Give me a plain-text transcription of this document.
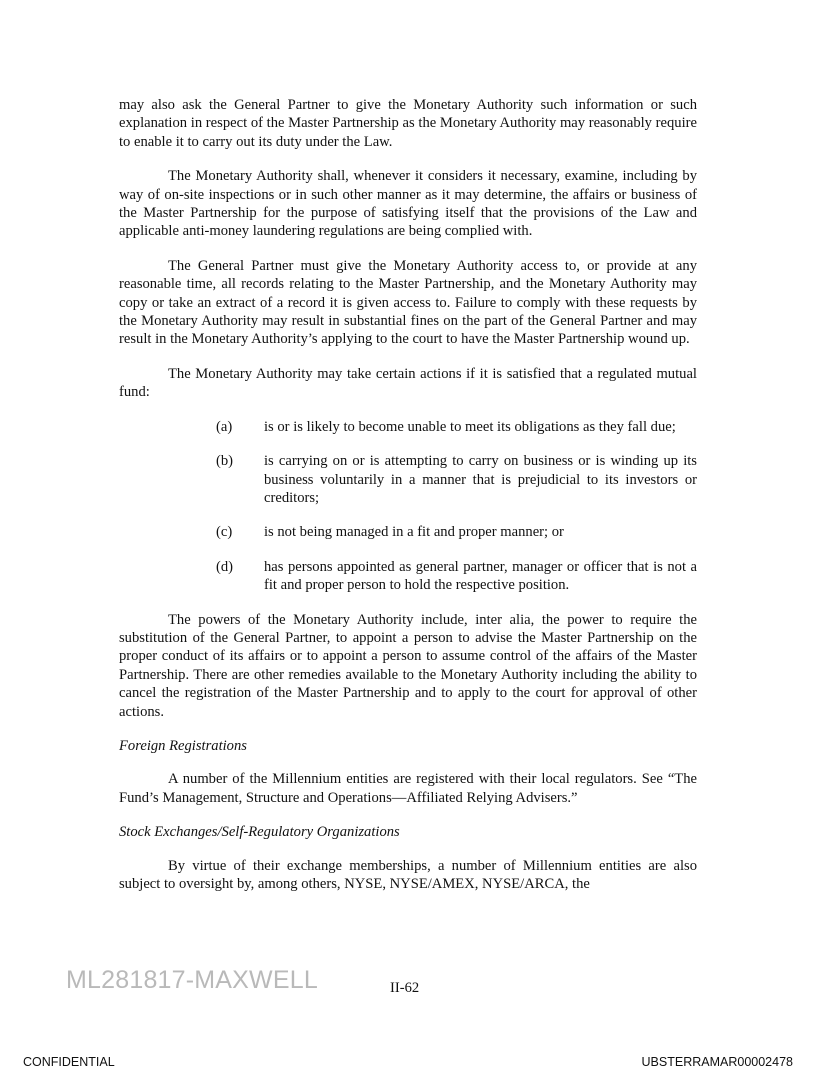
may also ask the General Partner to give the Monetary Authority such information or such explanation in respect of the Master Partnership as the Monetary Authority may reasonably require to enable it to carry out its duty under the Law.

The Monetary Authority shall, whenever it considers it necessary, examine, including by way of on-site inspections or in such other manner as it may determine, the affairs or business of the Master Partnership for the purpose of satisfying itself that the provisions of the Law and applicable anti-money laundering regulations are being complied with.

The General Partner must give the Monetary Authority access to, or provide at any reasonable time, all records relating to the Master Partnership, and the Monetary Authority may copy or take an extract of a record it is given access to. Failure to comply with these requests by the Monetary Authority may result in substantial fines on the part of the General Partner and may result in the Monetary Authority’s applying to the court to have the Master Partnership wound up.

The Monetary Authority may take certain actions if it is satisfied that a regulated mutual fund:

(a)	is or is likely to become unable to meet its obligations as they fall due;
(b)	is carrying on or is attempting to carry on business or is winding up its business voluntarily in a manner that is prejudicial to its investors or creditors;
(c)	is not being managed in a fit and proper manner; or
(d)	has persons appointed as general partner, manager or officer that is not a fit and proper person to hold the respective position.

The powers of the Monetary Authority include, inter alia, the power to require the substitution of the General Partner, to appoint a person to advise the Master Partnership on the proper conduct of its affairs or to appoint a person to assume control of the affairs of the Master Partnership. There are other remedies available to the Monetary Authority including the ability to cancel the registration of the Master Partnership and to apply to the court for approval of other actions.

Foreign Registrations

A number of the Millennium entities are registered with their local regulators. See “The Fund’s Management, Structure and Operations—Affiliated Relying Advisers.”

Stock Exchanges/Self-Regulatory Organizations

By virtue of their exchange memberships, a number of Millennium entities are also subject to oversight by, among others, NYSE, NYSE/AMEX, NYSE/ARCA, the

ML281817-MAXWELL	II-62
CONFIDENTIAL	UBSTERRAMAR00002478
